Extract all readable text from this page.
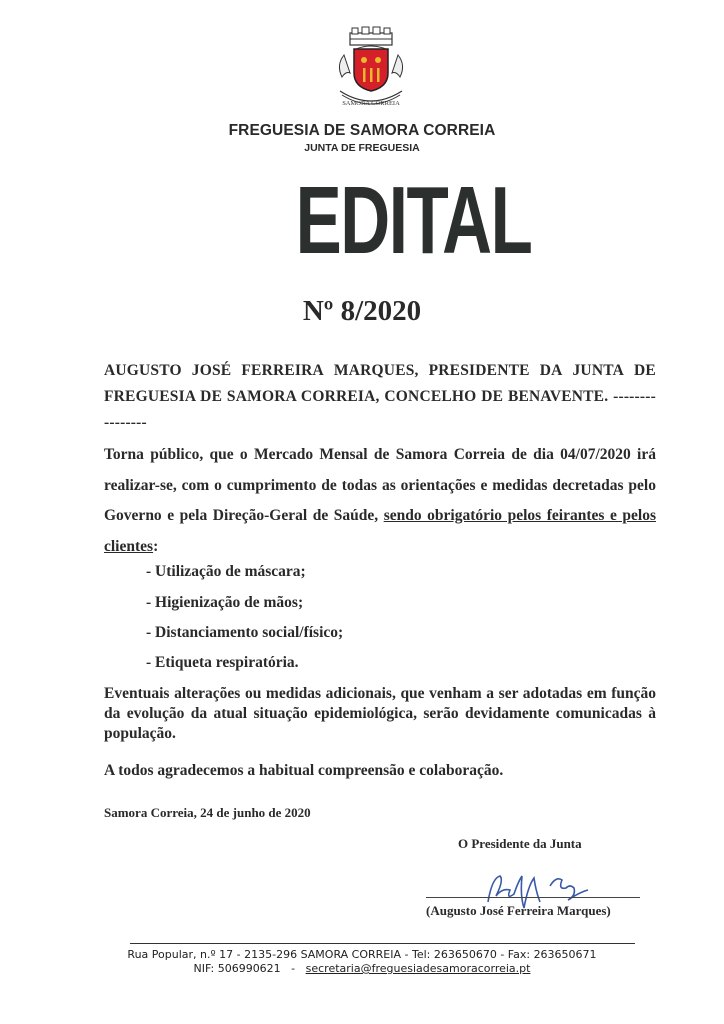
SAMORA CORREIA
FREGUESIA DE SAMORA CORREIA
JUNTA DE FREGUESIA
EDITAL
Nº 8/2020
AUGUSTO JOSÉ FERREIRA MARQUES, PRESIDENTE DA JUNTA DE
FREGUESIA DE SAMORA CORREIA, CONCELHO DE BENAVENTE. ----------------
Torna público, que o Mercado Mensal de Samora Correia de dia 04/07/2020 irá realizar-se, com o cumprimento de todas as orientações e medidas decretadas pelo Governo e pela Direção-Geral de Saúde, sendo obrigatório pelos feirantes e pelos clientes:
- Utilização de máscara;
- Higienização de mãos;
- Distanciamento social/físico;
- Etiqueta respiratória.
Eventuais alterações ou medidas adicionais, que venham a ser adotadas em função da evolução da atual situação epidemiológica, serão devidamente comunicadas à população.
A todos agradecemos a habitual compreensão e colaboração.
Samora Correia, 24 de junho de 2020
O Presidente da Junta
(Augusto José Ferreira Marques)
Rua Popular, n.º 17 - 2135-296 SAMORA CORREIA - Tel: 263650670 - Fax: 263650671
NIF: 506990621   -   secretaria@freguesiadesamoracorreia.pt
